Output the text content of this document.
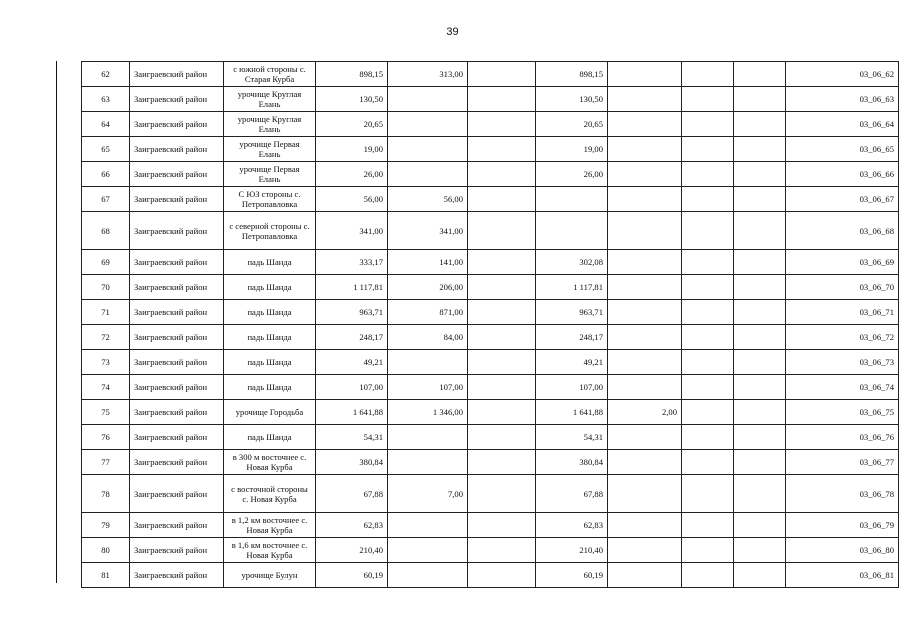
39
62	Заиграевский район	с южной стороны с. Старая Курба	898,15	313,00		898,15				03_06_62
63	Заиграевский район	урочище Круглая Елань	130,50			130,50				03_06_63
64	Заиграевский район	урочище Круглая Елань	20,65			20,65				03_06_64
65	Заиграевский район	урочище Первая Елань	19,00			19,00				03_06_65
66	Заиграевский район	урочище Первая Елань	26,00			26,00				03_06_66
67	Заиграевский район	С ЮЗ стороны с. Петропавловка	56,00	56,00						03_06_67
68	Заиграевский район	с северной стороны с. Петропавловка	341,00	341,00						03_06_68
69	Заиграевский район	падь Шанда	333,17	141,00		302,08				03_06_69
70	Заиграевский район	падь Шанда	1 117,81	206,00		1 117,81				03_06_70
71	Заиграевский район	падь Шанда	963,71	871,00		963,71				03_06_71
72	Заиграевский район	падь Шанда	248,17	84,00		248,17				03_06_72
73	Заиграевский район	падь Шанда	49,21			49,21				03_06_73
74	Заиграевский район	падь Шанда	107,00	107,00		107,00				03_06_74
75	Заиграевский район	урочище Городьба	1 641,88	1 346,00		1 641,88	2,00			03_06_75
76	Заиграевский район	падь Шанда	54,31			54,31				03_06_76
77	Заиграевский район	в 300 м восточнее с. Новая Курба	380,84			380,84				03_06_77
78	Заиграевский район	с восточной стороны с. Новая Курба	67,88	7,00		67,88				03_06_78
79	Заиграевский район	в 1,2 км восточнее с. Новая Курба	62,83			62,83				03_06_79
80	Заиграевский район	в 1,6 км восточнее с. Новая Курба	210,40			210,40				03_06_80
81	Заиграевский район	урочище Булун	60,19			60,19				03_06_81
